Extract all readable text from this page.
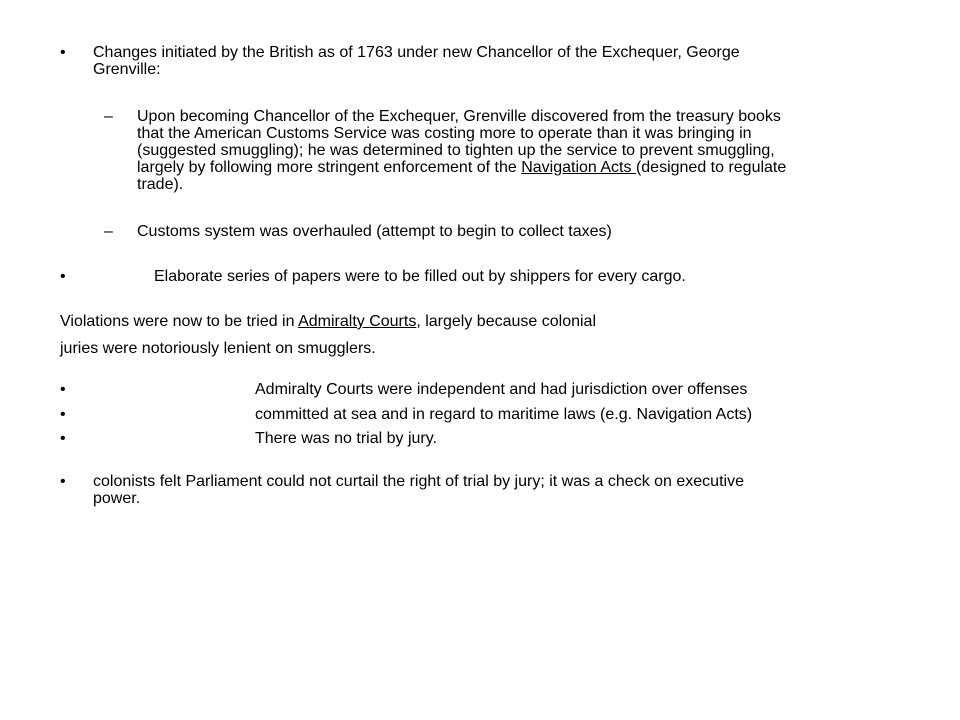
• Changes initiated by the British as of 1763 under new Chancellor of the Exchequer, George
Grenville:
– Upon becoming Chancellor of the Exchequer, Grenville discovered from the treasury books
that the American Customs Service was costing more to operate than it was bringing in
(suggested smuggling); he was determined to tighten up the service to prevent smuggling,
largely by following more stringent enforcement of the Navigation Acts (designed to regulate
trade).
– Customs system was overhauled (attempt to begin to collect taxes)
•	Elaborate series of papers were to be filled out by shippers for every cargo.
Violations were now to be tried in Admiralty Courts, largely because colonial
juries were notoriously lenient on smugglers.
•	Admiralty Courts were independent and had jurisdiction over offenses
•	committed at sea and in regard to maritime laws (e.g. Navigation Acts)
•	There was no trial by jury.
• colonists felt Parliament could not curtail the right of trial by jury; it was a check on executive
power.
